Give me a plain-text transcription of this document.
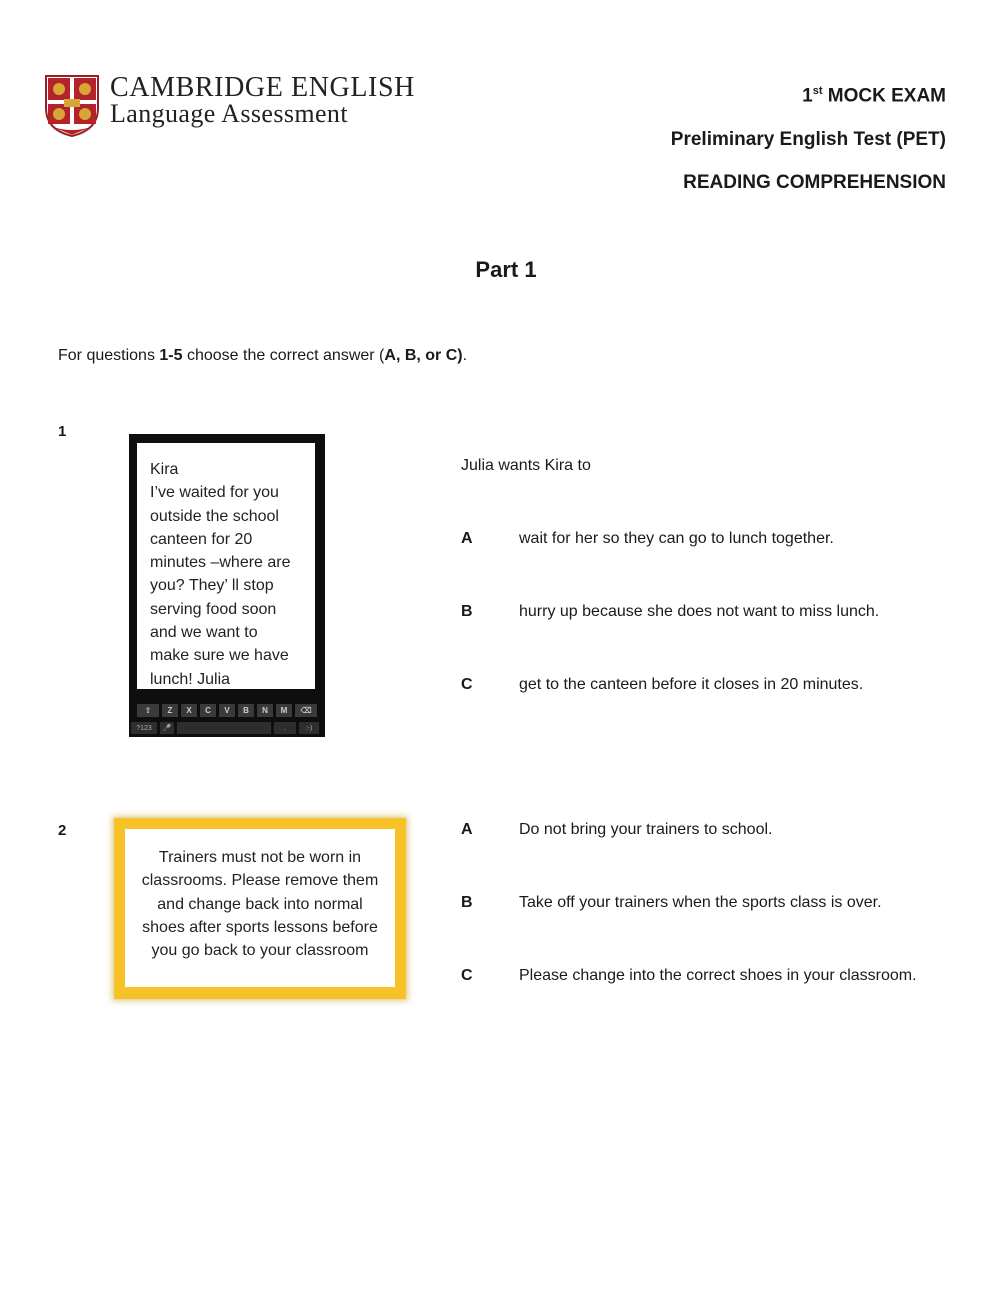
CAMBRIDGE ENGLISH
Language Assessment
1st MOCK EXAM
Preliminary English Test (PET)
READING COMPREHENSION
Part 1
For questions 1-5 choose the correct answer (A, B, or C).
1
Kira
I’ve waited for you
outside the school
canteen for 20
minutes –where are
you? They’ ll stop
serving food soon
and we want to
make sure we have
lunch! Julia
⇧	Z	X	C	V	B	N	M	⌫
?123	🎤	.	:-)
Julia wants Kira to
A	wait for her so they can go to lunch together.
B	hurry up because she does not want to miss lunch.
C	get to the canteen before it closes in 20 minutes.
2
Trainers must not be worn in
classrooms. Please remove them
and change back into normal
shoes after sports lessons before
you go back to your classroom
A	Do not bring your trainers to school.
B	Take off your trainers when the sports class is over.
C	Please change into the correct shoes in your classroom.
